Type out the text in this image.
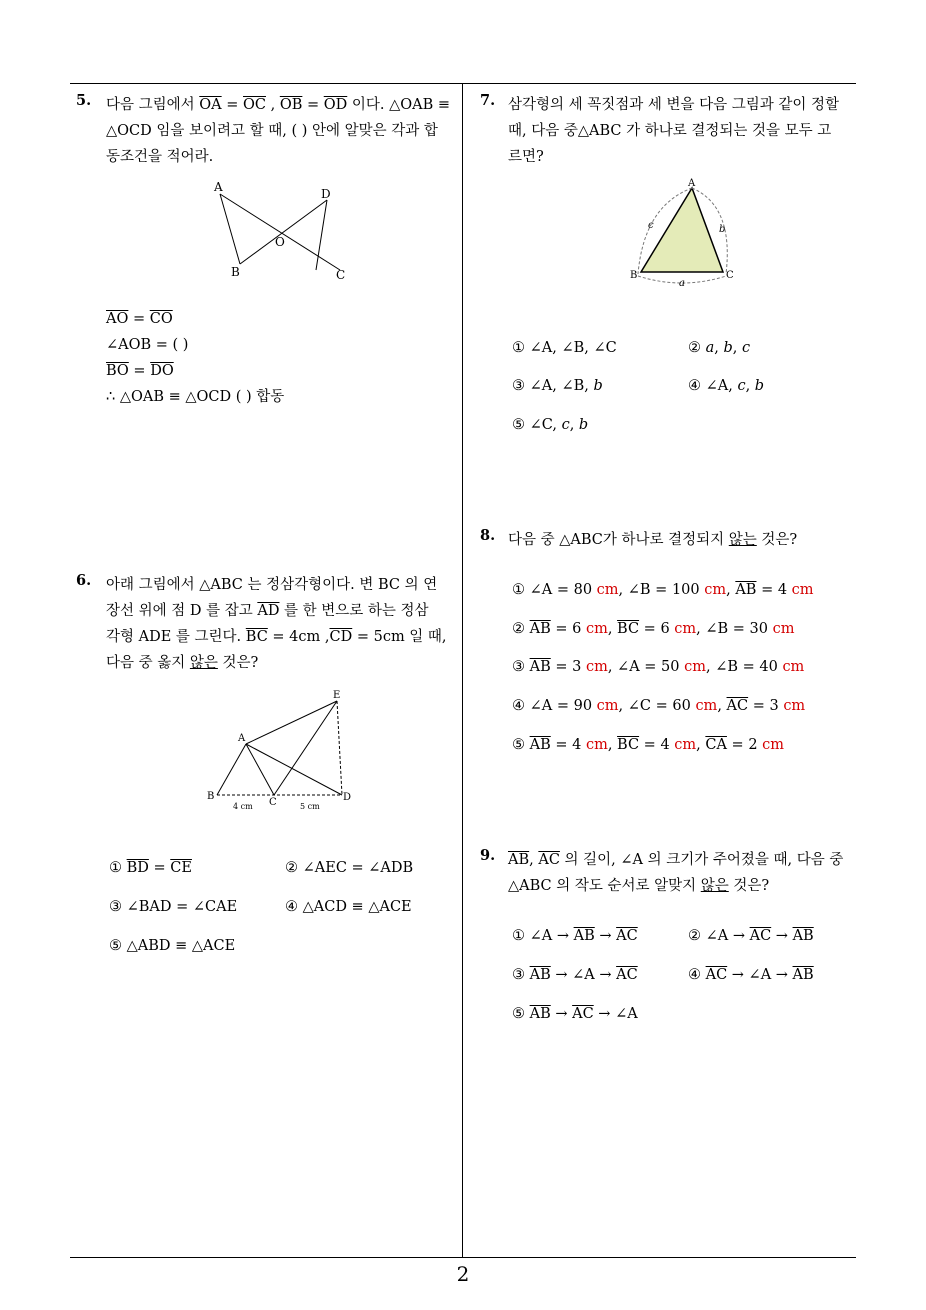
2
5. 다음 그림에서 $\overline{OA} = \overline{OC}$ , $\overline{OB} = \overline{OD}$ 이다. △OAB ≡
△OCD 임을 보이려고 할 때, ( ) 안에 알맞은 각과 합
동조건을 적어라.
A	D
B	C
O
$\overline{AO} = \overline{CO}$
∠AOB = ( )
$\overline{BO} = \overline{DO}$
∴ △OAB ≡ △OCD ( ) 합동
6. 아래 그림에서 △ABC 는 정삼각형이다. 변 BC 의 연
장선 위에 점 D 를 잡고 $\overline{AD}$ 를 한 변으로 하는 정삼
각형 ADE 를 그린다. $\overline{BC} = 4cm$ $,\overline{CD} = 5cm$ 일 때,
다음 중 옳지 않은 것은?
E
A
B
C	D
4 cm	5 cm
① $\overline{BD} = \overline{CE}$	② ∠AEC = ∠ADB
③ ∠BAD = ∠CAE	④ △ACD ≡ △ACE
⑤ △ABD ≡ △ACE
7. 삼각형의 세 꼭짓점과 세 변을 다음 그림과 같이 정할
때, 다음 중△ABC 가 하나로 결정되는 것을 모두 고
르면?
A
B	C
c	b
a
① ∠A, ∠B, ∠C	② a, b, c
③ ∠A, ∠B, b	④ ∠A, c, b
⑤ ∠C, c, b
8. 다음 중 △ABC가 하나로 결정되지 않는 것은?
① ∠A = 80 cm, ∠B = 100 cm, $\overline{AB} = 4$ cm
② $\overline{AB} = 6$ cm, $\overline{BC} = 6$ cm, ∠B = 30 cm
③ $\overline{AB} = 3$ cm, ∠A = 50 cm, ∠B = 40 cm
④ ∠A = 90 cm, ∠C = 60 cm, $\overline{AC} = 3$ cm
⑤ $\overline{AB} = 4$ cm, $\overline{BC} = 4$ cm, $\overline{CA} = 2$ cm
9. $\overline{AB}$, $\overline{AC}$ 의 길이, ∠A 의 크기가 주어졌을 때, 다음 중
△ABC 의 작도 순서로 알맞지 않은 것은?
① ∠A → $\overline{AB} \to \overline{AC}$	② ∠A → $\overline{AC} \to \overline{AB}$
③ $\overline{AB}$ → ∠A → $\overline{AC}$	④ $\overline{AC}$ → ∠A → $\overline{AB}$
⑤ $\overline{AB} \to \overline{AC}$ → ∠A
